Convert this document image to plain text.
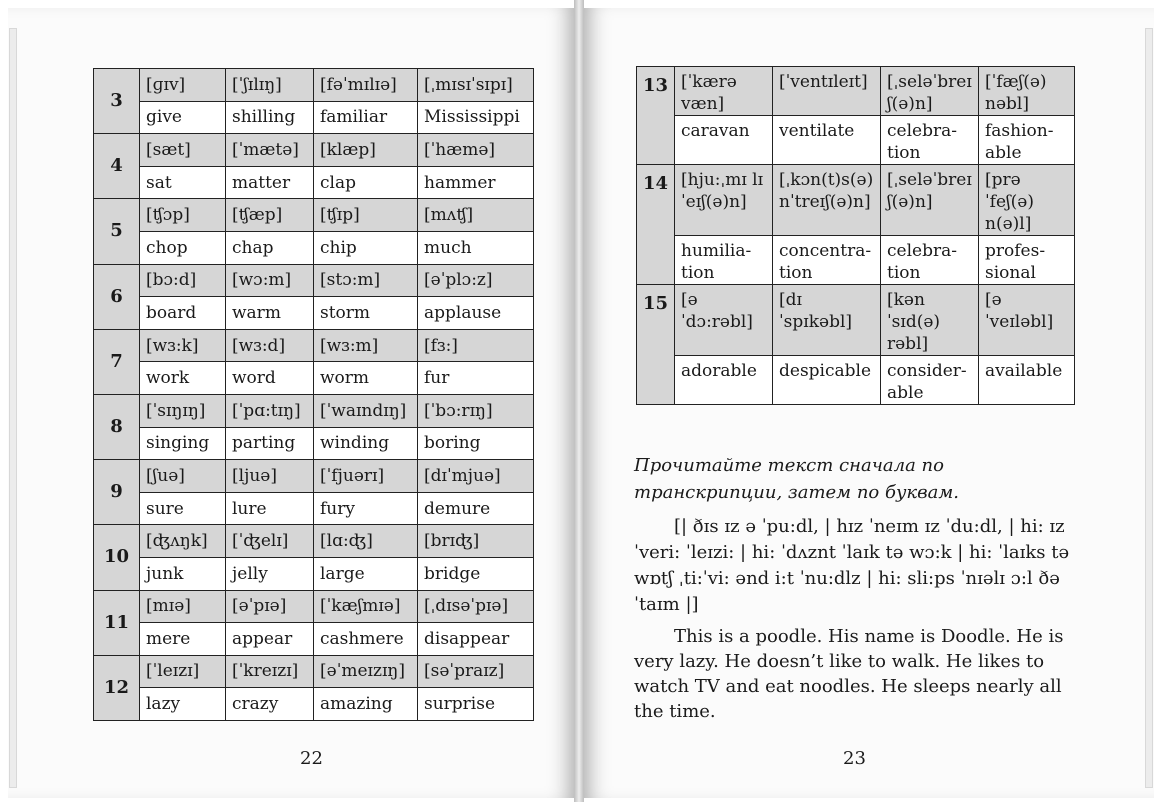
3	[ɡɪv]	[ˈʃɪlɪŋ]	[fəˈmɪlɪə]	[ˌmɪsɪˈsɪpɪ]
	give	shilling	familiar	Mississippi
4	[sæt]	[ˈmætə]	[klæp]	[ˈhæmə]
	sat	matter	clap	hammer
5	[ʧɔp]	[ʧæp]	[ʧɪp]	[mʌʧ]
	chop	chap	chip	much
6	[bɔ:d]	[wɔ:m]	[stɔ:m]	[əˈplɔ:z]
	board	warm	storm	applause
7	[wɜ:k]	[wɜ:d]	[wɜ:m]	[fɜ:]
	work	word	worm	fur
8	[ˈsɪŋɪŋ]	[ˈpɑ:tɪŋ]	[ˈwaɪndɪŋ]	[ˈbɔ:rɪŋ]
	singing	parting	winding	boring
9	[ʃuə]	[ljuə]	[ˈfjuərɪ]	[dɪˈmjuə]
	sure	lure	fury	demure
10	[ʤʌŋk]	[ˈʤelɪ]	[lɑ:ʤ]	[brɪʤ]
	junk	jelly	large	bridge
11	[mɪə]	[əˈpɪə]	[ˈkæʃmɪə]	[ˌdɪsəˈpɪə]
	mere	appear	cashmere	disappear
12	[ˈleɪzɪ]	[ˈkreɪzɪ]	[əˈmeɪzɪŋ]	[səˈpraɪz]
	lazy	crazy	amazing	surprise
13	[ˈkærə væn]	[ˈventɪleɪt]	[ˌseləˈbreɪ ʃ(ə)n]	[ˈfæʃ(ə) nəbl]
	caravan	ventilate	celebra- tion	fashion- able
14	[hju:ˌmɪ lɪˈeɪʃ(ə)n]	[ˌkɔn(t)s(ə) nˈtreɪʃ(ə)n]	[ˌseləˈbreɪ ʃ(ə)n]	[prəˈfeʃ(ə) n(ə)l]
	humilia- tion	concentra- tion	celebra- tion	profes- sional
15	[əˈdɔ:rəbl]	[dɪˈspɪkəbl]	[kənˈsɪd(ə) rəbl]	[əˈveɪləbl]
	adorable	despicable	consider- able	available
22	23
Прочитайте текст сначала по транскрипции, затем по буквам.
[| ðɪs ɪz ə ˈpu:dl, | hɪz ˈneɪm ɪz ˈdu:dl, | hi: ɪz ˈveri: ˈleɪzi: | hi: ˈdʌznt ˈlaɪk tə wɔ:k | hi: ˈlaɪks tə wɒtʃ ˌti:ˈvi: ənd i:t ˈnu:dlz | hi: sli:ps ˈnɪəlɪ ɔ:l ðə ˈtaɪm |]
This is a poodle. His name is Doodle. He is very lazy. He doesn’t like to walk. He likes to watch TV and eat noodles. He sleeps nearly all the time.
